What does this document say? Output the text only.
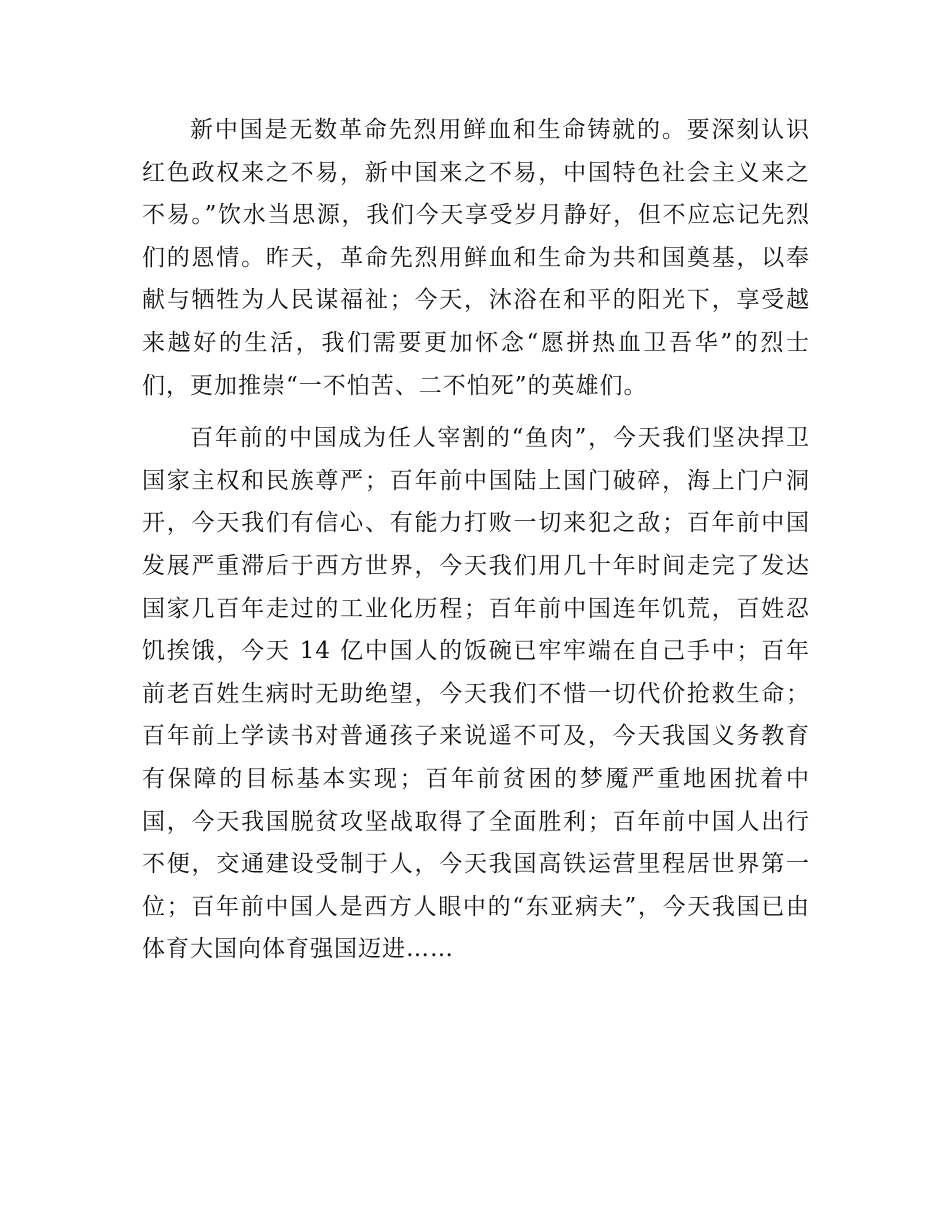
新中国是无数革命先烈用鲜血和生命铸就的。要深刻认识红色政权来之不易，新中国来之不易，中国特色社会主义来之不易。”饮水当思源，我们今天享受岁月静好，但不应忘记先烈们的恩情。昨天，革命先烈用鲜血和生命为共和国奠基，以奉献与牺牲为人民谋福祉；今天，沐浴在和平的阳光下，享受越来越好的生活，我们需要更加怀念“愿拼热血卫吾华”的烈士们，更加推崇“一不怕苦、二不怕死”的英雄们。

百年前的中国成为任人宰割的“鱼肉”，今天我们坚决捍卫国家主权和民族尊严；百年前中国陆上国门破碎，海上门户洞开，今天我们有信心、有能力打败一切来犯之敌；百年前中国发展严重滞后于西方世界，今天我们用几十年时间走完了发达国家几百年走过的工业化历程；百年前中国连年饥荒，百姓忍饥挨饿，今天 14 亿中国人的饭碗已牢牢端在自己手中；百年前老百姓生病时无助绝望，今天我们不惜一切代价抢救生命；百年前上学读书对普通孩子来说遥不可及，今天我国义务教育有保障的目标基本实现；百年前贫困的梦魇严重地困扰着中国，今天我国脱贫攻坚战取得了全面胜利；百年前中国人出行不便，交通建设受制于人，今天我国高铁运营里程居世界第一位；百年前中国人是西方人眼中的“东亚病夫”，今天我国已由体育大国向体育强国迈进……
